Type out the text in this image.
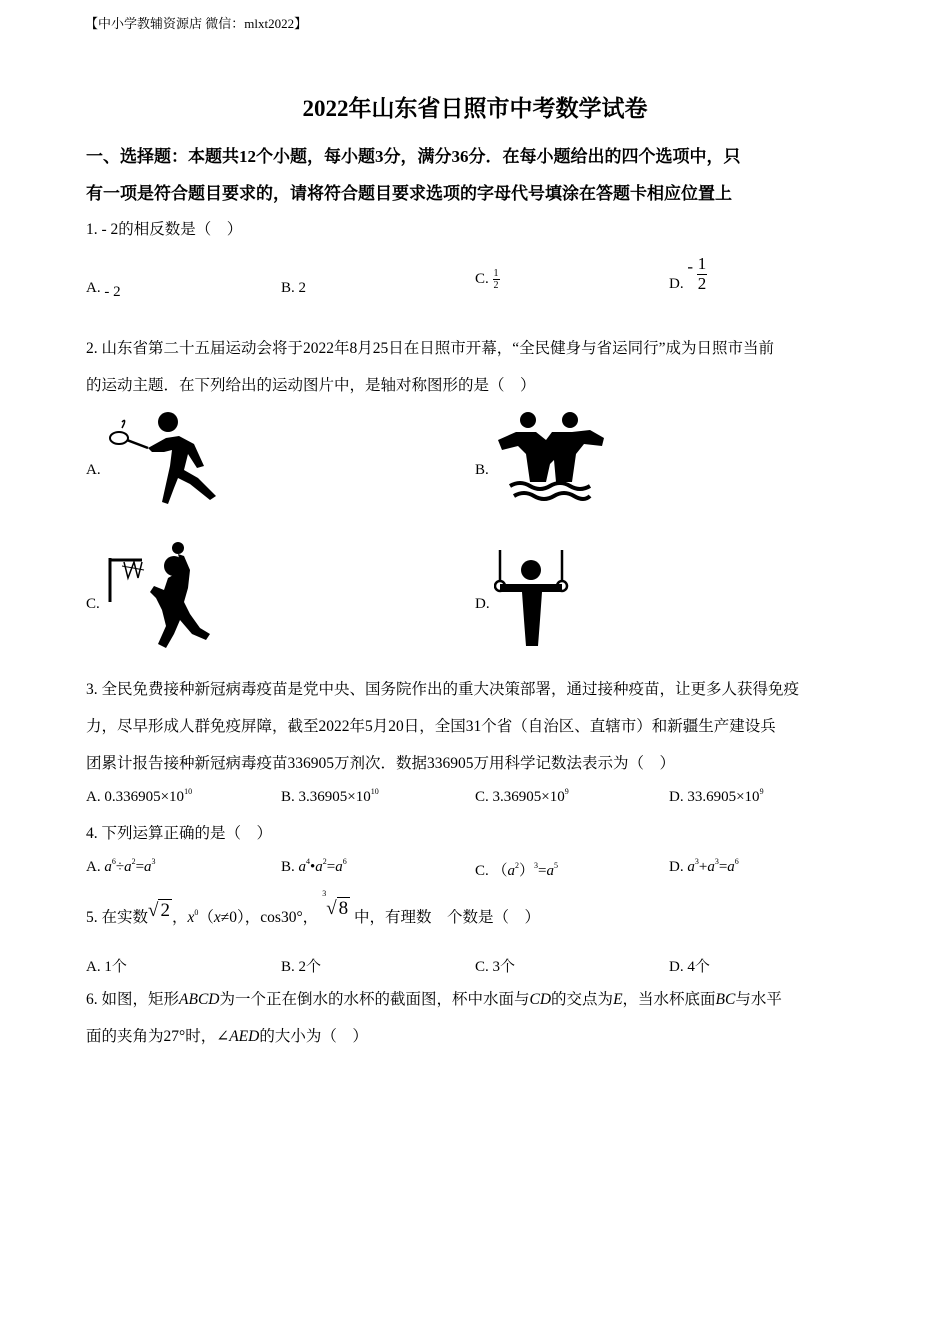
【中小学教辅资源店 微信：mlxt2022】
2022年山东省日照市中考数学试卷
一、选择题：本题共12个小题，每小题3分，满分36分．在每小题给出的四个选项中，只
有一项是符合题目要求的，请将符合题目要求选项的字母代号填涂在答题卡相应位置上
1. - 2的相反数是（　）
A. - 2	B. 2
C. $\frac{1}{2}$	D. - $\frac{1}{2}$
2. 山东省第二十五届运动会将于2022年8月25日在日照市开幕，“全民健身与省运同行”成为日照市当前
的运动主题．在下列给出的运动图片中，是轴对称图形的是（　）
A.	B.
C.	D.
3. 全民免费接种新冠病毒疫苗是党中央、国务院作出的重大决策部署，通过接种疫苗，让更多人获得免疫
力，尽早形成人群免疫屏障，截至2022年5月20日，全国31个省（自治区、直辖市）和新疆生产建设兵
团累计报告接种新冠病毒疫苗336905万剂次．数据336905万用科学记数法表示为（　）
A. $0.336905\times 10^{10}$	B. $3.36905\times 10^{10}$	C. $3.36905\times 10^9$	D. $33.6905\times 10^9$
4. 下列运算正确的是（　）
A. $a^6\div a^2=a^3$	B. $a^4•a^2=a^6$
C. $(a^2)^3=a^5$	D. $a^3+a^3=a^6$
5. 在实数√ 2 ，$x^0(x\ne 0)$，cos30°，
3
√ 8 中，有理数　个数是（　）
A. 1个	B. 2个	C. 3个	D. 4个
6. 如图，矩形ABCD为一个正在倒水的水杯的截面图，杯中水面与CD的交点为E，当水杯底面BC与水平
面的夹角为27°时，∠AED的大小为（　）
